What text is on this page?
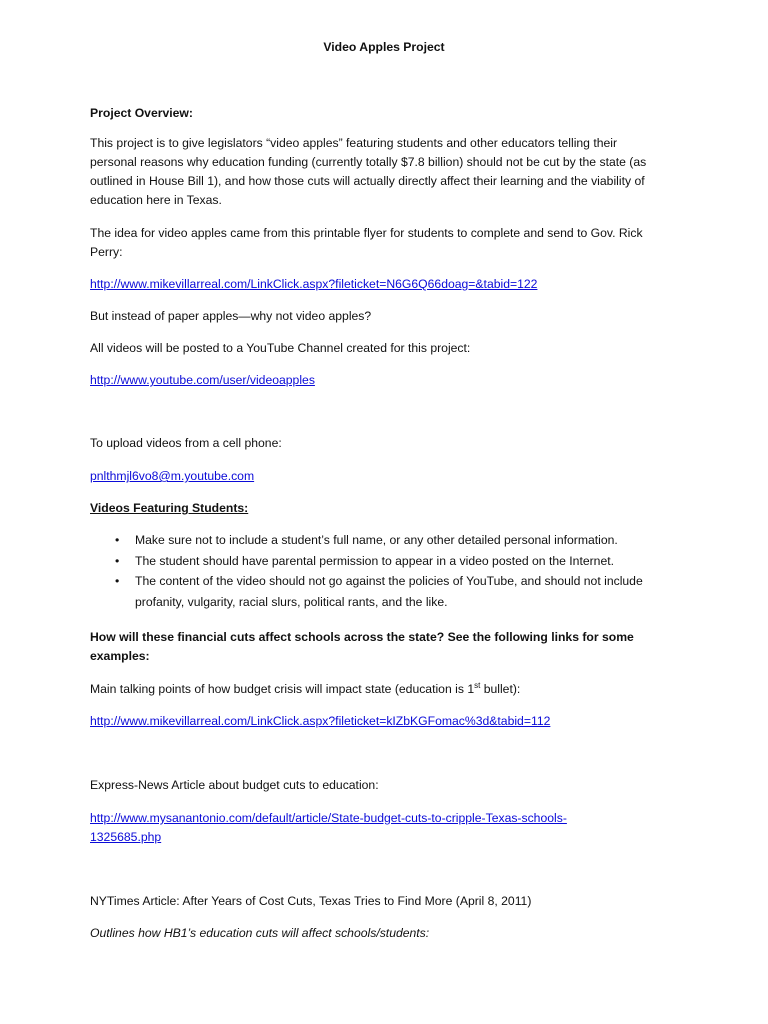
Video Apples Project

Project Overview:

This project is to give legislators “video apples” featuring students and other educators telling their

personal reasons why education funding (currently totally $7.8 billion) should not be cut by the state (as

outlined in House Bill 1), and how those cuts will actually directly affect their learning and the viability of

education here in Texas.

The idea for video apples came from this printable flyer for students to complete and send to Gov. Rick

Perry:

http://www.mikevillarreal.com/LinkClick.aspx?fileticket=N6G6Q66doag=&tabid=122

But instead of paper apples—why not video apples?

All videos will be posted to a YouTube Channel created for this project:

http://www.youtube.com/user/videoapples

To upload videos from a cell phone:

pnlthmjl6vo8@m.youtube.com

Videos Featuring Students:

• Make sure not to include a student’s full name, or any other detailed personal information.
• The student should have parental permission to appear in a video posted on the Internet.
• The content of the video should not go against the policies of YouTube, and should not include
profanity, vulgarity, racial slurs, political rants, and the like.

How will these financial cuts affect schools across the state? See the following links for some

examples:

Main talking points of how budget crisis will impact state (education is 1st bullet):

http://www.mikevillarreal.com/LinkClick.aspx?fileticket=kIZbKGFomac%3d&tabid=112

Express-News Article about budget cuts to education:

http://www.mysanantonio.com/default/article/State-budget-cuts-to-cripple-Texas-schools-

1325685.php

NYTimes Article: After Years of Cost Cuts, Texas Tries to Find More (April 8, 2011)

Outlines how HB1’s education cuts will affect schools/students:
